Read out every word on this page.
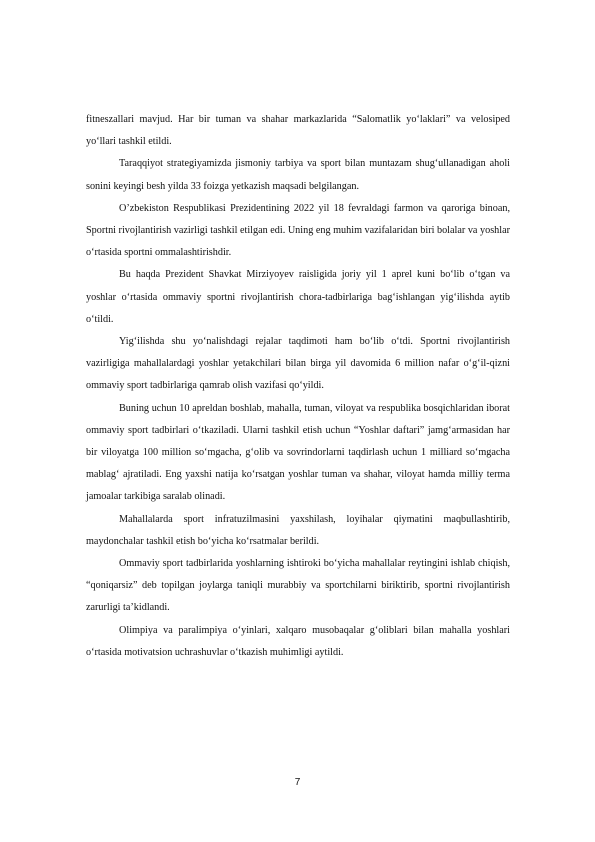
fitneszallari mavjud. Har bir tuman va shahar markazlarida “Salomatlik yo‘laklari” va velosiped yo‘llari tashkil etildi.

Taraqqiyot strategiyamizda jismoniy tarbiya va sport bilan muntazam shug‘ullanadigan aholi sonini keyingi besh yilda 33 foizga yetkazish maqsadi belgilangan.

O’zbekiston Respublikasi Prezidentining 2022 yil 18 fevraldagi farmon va qaroriga binoan, Sportni rivojlantirish vazirligi tashkil etilgan edi. Uning eng muhim vazifalaridan biri bolalar va yoshlar o‘rtasida sportni ommalashtirishdir.

Bu haqda Prezident Shavkat Mirziyoyev raisligida joriy yil 1 aprel kuni bo‘lib o‘tgan va yoshlar o‘rtasida ommaviy sportni rivojlantirish chora-tadbirlariga bag‘ishlangan yig‘ilishda aytib o‘tildi.

Yig‘ilishda shu yo‘nalishdagi rejalar taqdimoti ham bo‘lib o‘tdi. Sportni rivojlantirish vazirligiga mahallalardagi yoshlar yetakchilari bilan birga yil davomida 6 million nafar o‘g‘il-qizni ommaviy sport tadbirlariga qamrab olish vazifasi qo‘yildi.

Buning uchun 10 apreldan boshlab, mahalla, tuman, viloyat va respublika bosqichlaridan iborat ommaviy sport tadbirlari o‘tkaziladi. Ularni tashkil etish uchun “Yoshlar daftari” jamg‘armasidan har bir viloyatga 100 million so‘mgacha, g‘olib va sovrindorlarni taqdirlash uchun 1 milliard so‘mgacha mablag‘ ajratiladi. Eng yaxshi natija ko‘rsatgan yoshlar tuman va shahar, viloyat hamda milliy terma jamoalar tarkibiga saralab olinadi.

Mahallalarda sport infratuzilmasini yaxshilash, loyihalar qiymatini maqbullashtirib, maydonchalar tashkil etish bo‘yicha ko‘rsatmalar berildi.

Ommaviy sport tadbirlarida yoshlarning ishtiroki bo‘yicha mahallalar reytingini ishlab chiqish, “qoniqarsiz” deb topilgan joylarga taniqli murabbiy va sportchilarni biriktirib, sportni rivojlantirish zarurligi ta’kidlandi.

Olimpiya va paralimpiya o‘yinlari, xalqaro musobaqalar g‘oliblari bilan mahalla yoshlari o‘rtasida motivatsion uchrashuvlar o‘tkazish muhimligi aytildi.

7
